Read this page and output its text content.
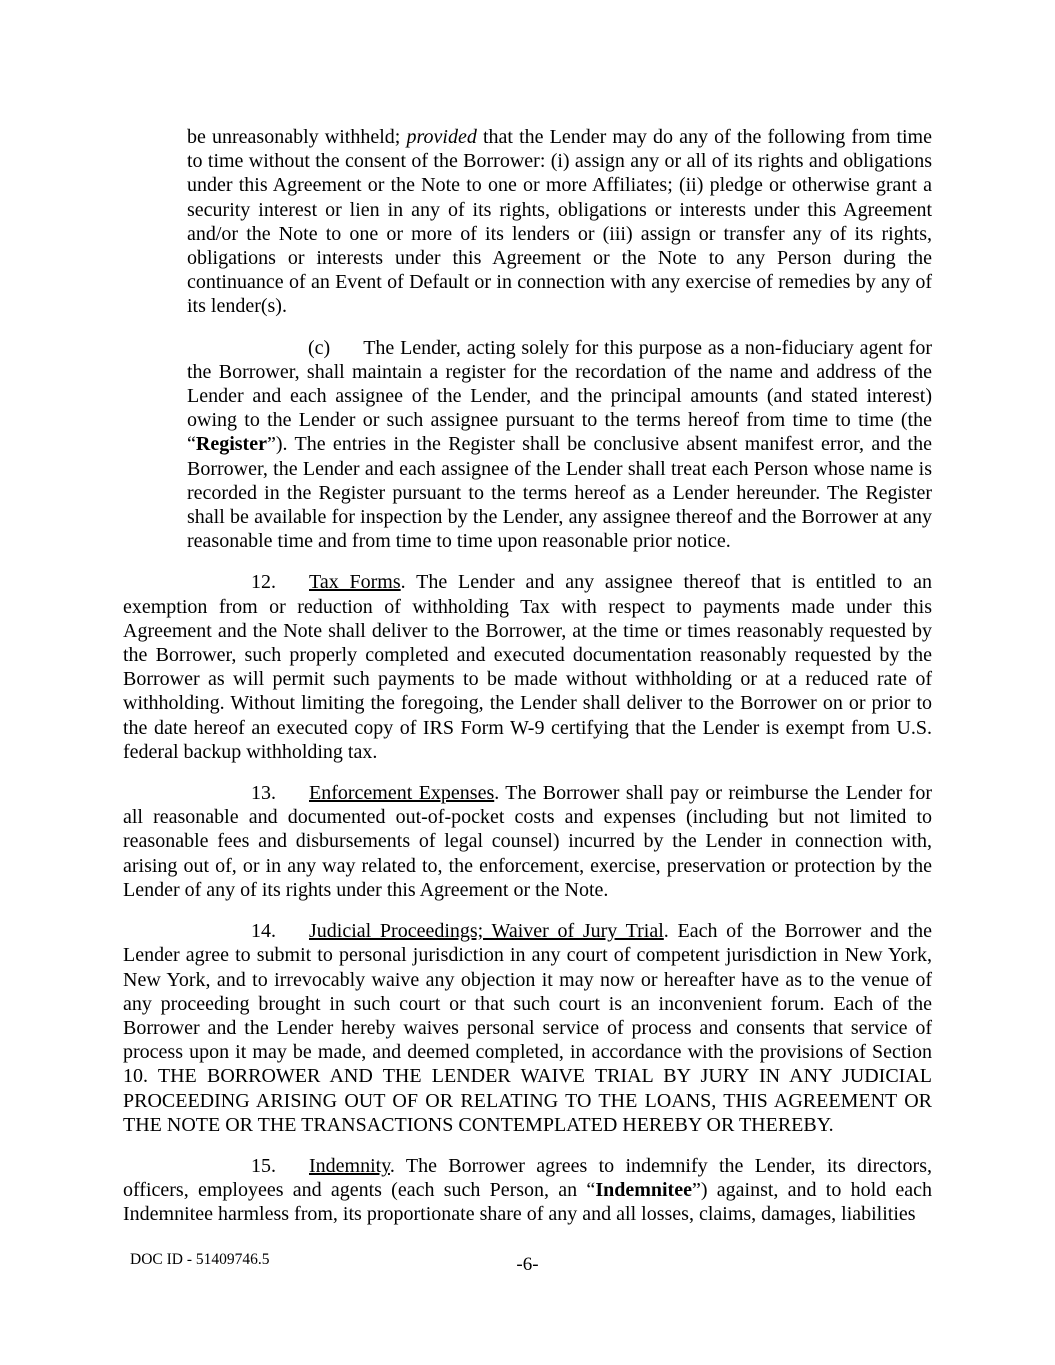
be unreasonably withheld; provided that the Lender may do any of the following from time to time without the consent of the Borrower: (i) assign any or all of its rights and obligations under this Agreement or the Note to one or more Affiliates; (ii) pledge or otherwise grant a security interest or lien in any of its rights, obligations or interests under this Agreement and/or the Note to one or more of its lenders or (iii) assign or transfer any of its rights, obligations or interests under this Agreement or the Note to any Person during the continuance of an Event of Default or in connection with any exercise of remedies by any of its lender(s).

(c) The Lender, acting solely for this purpose as a non-fiduciary agent for the Borrower, shall maintain a register for the recordation of the name and address of the Lender and each assignee of the Lender, and the principal amounts (and stated interest) owing to the Lender or such assignee pursuant to the terms hereof from time to time (the “Register”). The entries in the Register shall be conclusive absent manifest error, and the Borrower, the Lender and each assignee of the Lender shall treat each Person whose name is recorded in the Register pursuant to the terms hereof as a Lender hereunder. The Register shall be available for inspection by the Lender, any assignee thereof and the Borrower at any reasonable time and from time to time upon reasonable prior notice.

12. Tax Forms. The Lender and any assignee thereof that is entitled to an exemption from or reduction of withholding Tax with respect to payments made under this Agreement and the Note shall deliver to the Borrower, at the time or times reasonably requested by the Borrower, such properly completed and executed documentation reasonably requested by the Borrower as will permit such payments to be made without withholding or at a reduced rate of withholding. Without limiting the foregoing, the Lender shall deliver to the Borrower on or prior to the date hereof an executed copy of IRS Form W-9 certifying that the Lender is exempt from U.S. federal backup withholding tax.

13. Enforcement Expenses. The Borrower shall pay or reimburse the Lender for all reasonable and documented out-of-pocket costs and expenses (including but not limited to reasonable fees and disbursements of legal counsel) incurred by the Lender in connection with, arising out of, or in any way related to, the enforcement, exercise, preservation or protection by the Lender of any of its rights under this Agreement or the Note.

14. Judicial Proceedings; Waiver of Jury Trial. Each of the Borrower and the Lender agree to submit to personal jurisdiction in any court of competent jurisdiction in New York, New York, and to irrevocably waive any objection it may now or hereafter have as to the venue of any proceeding brought in such court or that such court is an inconvenient forum. Each of the Borrower and the Lender hereby waives personal service of process and consents that service of process upon it may be made, and deemed completed, in accordance with the provisions of Section 10. THE BORROWER AND THE LENDER WAIVE TRIAL BY JURY IN ANY JUDICIAL PROCEEDING ARISING OUT OF OR RELATING TO THE LOANS, THIS AGREEMENT OR THE NOTE OR THE TRANSACTIONS CONTEMPLATED HEREBY OR THEREBY.

15. Indemnity. The Borrower agrees to indemnify the Lender, its directors, officers, employees and agents (each such Person, an “Indemnitee”) against, and to hold each Indemnitee harmless from, its proportionate share of any and all losses, claims, damages, liabilities

DOC ID - 51409746.5	-6-
